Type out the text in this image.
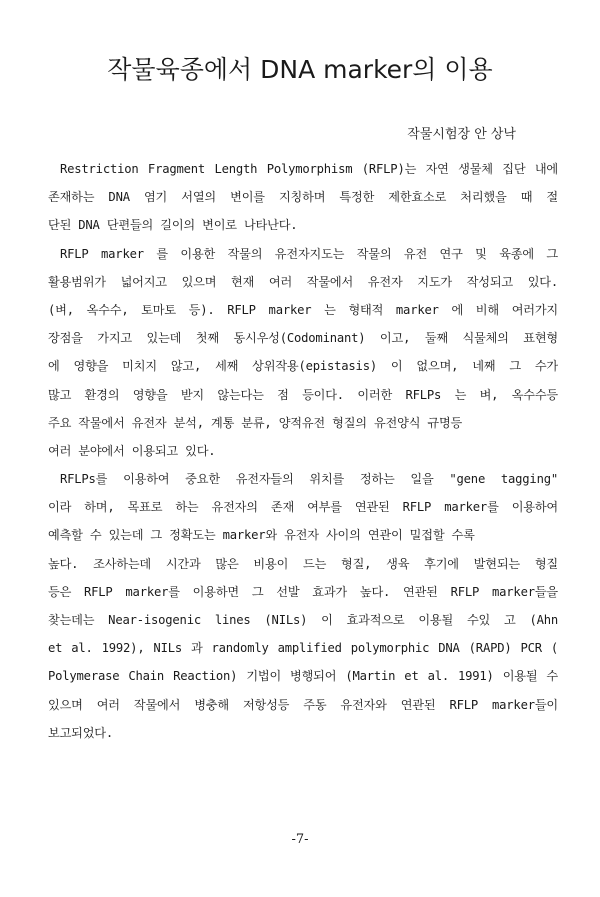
작물육종에서 DNA marker의 이용
작물시험장 안 상낙
Restriction Fragment Length Polymorphism (RFLP)는 자연 생물체 집단 내에
존재하는 DNA 염기 서열의 변이를 지칭하며 특정한 제한효소로 처리했을 때 절
단된 DNA 단편들의 길이의 변이로 나타난다.
RFLP marker 를 이용한 작물의 유전자지도는 작물의 유전 연구 및 육종에 그
활용범위가 넓어지고 있으며 현재 여러 작물에서 유전자 지도가 작성되고 있다.
(벼, 옥수수, 토마토 등). RFLP marker 는 형태적 marker 에 비해 여러가지
장점을 가지고 있는데 첫째 동시우성(Codominant) 이고, 둘째 식물체의 표현형
에 영향을 미치지 않고, 세째 상위작용(epistasis) 이 없으며, 네째 그 수가
많고 환경의 영향을 받지 않는다는 점 등이다. 이러한 RFLPs 는 벼, 옥수수등
주요 작물에서 유전자 분석, 계통 분류, 양적유전 형질의 유전양식 규명등
여러 분야에서 이용되고 있다.
RFLPs를 이용하여 중요한 유전자들의 위치를 정하는 일을 "gene tagging"
이라 하며, 목표로 하는 유전자의 존재 여부를 연관된 RFLP marker를 이용하여
예측할 수 있는데 그 정확도는 marker와 유전자 사이의 연관이 밀접할 수록
높다. 조사하는데 시간과 많은 비용이 드는 형질, 생육 후기에 발현되는 형질
등은 RFLP marker를 이용하면 그 선발 효과가 높다. 연관된 RFLP marker들을
찾는데는 Near-isogenic lines (NILs) 이 효과적으로 이용될 수있 고 (Ahn
et al. 1992), NILs 과 randomly amplified polymorphic DNA (RAPD) PCR (
Polymerase Chain Reaction) 기법이 병행되어 (Martin et al. 1991) 이용될 수
있으며 여러 작물에서 병충해 저항성등 주동 유전자와 연관된 RFLP marker들이
보고되었다.
-7-
